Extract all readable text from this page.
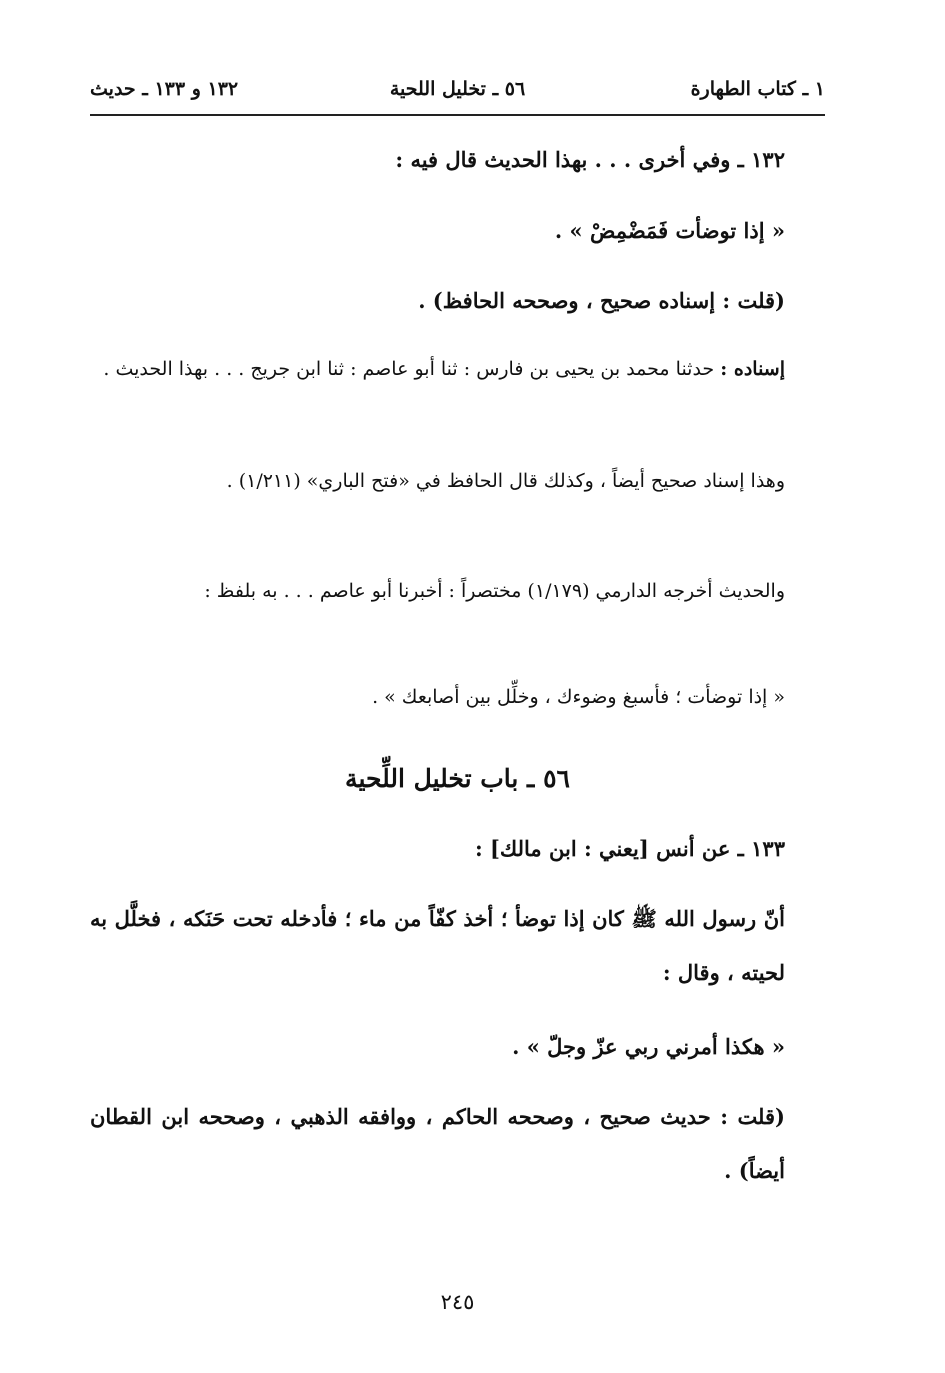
١ ـ كتاب الطهارة
٥٦ ـ تخليل اللحية
١٣٢ و ١٣٣ ـ حديث
١٣٢ ـ وفي أخرى . . . بهذا الحديث قال فيه :
« إذا توضأت فَمَضْمِضْ » .
(قلت : إسناده صحيح ، وصححه الحافظ) .
إسناده : حدثنا محمد بن يحيى بن فارس : ثنا أبو عاصم : ثنا ابن جريج . . . بهذا الحديث .
وهذا إسناد صحيح أيضاً ، وكذلك قال الحافظ في «فتح الباري» (١/٢١١) .
والحديث أخرجه الدارمي (١/١٧٩) مختصراً : أخبرنا أبو عاصم . . . به بلفظ :
« إذا توضأت ؛ فأسبغ وضوءك ، وخلِّل بين أصابعك » .
٥٦ ـ باب تخليل اللِّحية
١٣٣ ـ عن أنس [يعني : ابن مالك] :
أنّ رسول الله ﷺ كان إذا توضأ ؛ أخذ كفّاً من ماء ؛ فأدخله تحت حَنَكه ، فخلَّل به لحيته ، وقال :
« هكذا أمرني ربي عزّ وجلّ » .
(قلت : حديث صحيح ، وصححه الحاكم ، ووافقه الذهبي ، وصححه ابن القطان أيضاً) .
٢٤٥
